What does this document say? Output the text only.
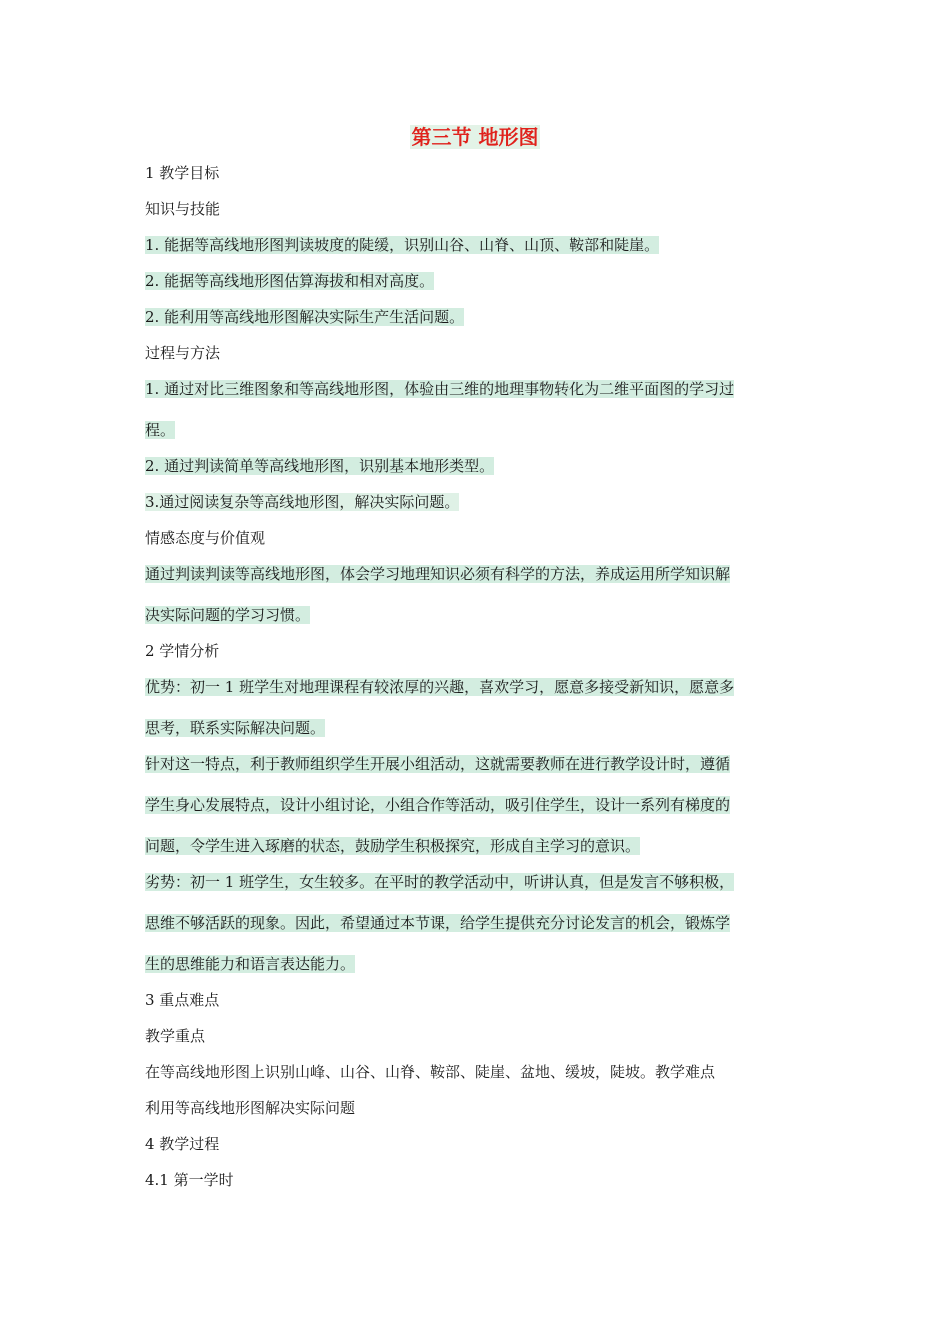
第三节 地形图
1 教学目标
知识与技能
1. 能据等高线地形图判读坡度的陡缓，识别山谷、山脊、山顶、鞍部和陡崖。
2. 能据等高线地形图估算海拔和相对高度。
2. 能利用等高线地形图解决实际生产生活问题。
过程与方法
1. 通过对比三维图象和等高线地形图，体验由三维的地理事物转化为二维平面图的学习过
程。
2. 通过判读简单等高线地形图，识别基本地形类型。
3.通过阅读复杂等高线地形图，解决实际问题。
情感态度与价值观
通过判读判读等高线地形图，体会学习地理知识必须有科学的方法，养成运用所学知识解
决实际问题的学习习惯。
2 学情分析
优势：初一 1 班学生对地理课程有较浓厚的兴趣，喜欢学习，愿意多接受新知识，愿意多
思考，联系实际解决问题。
针对这一特点，利于教师组织学生开展小组活动，这就需要教师在进行教学设计时，遵循
学生身心发展特点，设计小组讨论，小组合作等活动，吸引住学生，设计一系列有梯度的
问题，令学生进入琢磨的状态，鼓励学生积极探究，形成自主学习的意识。
劣势：初一 1 班学生，女生较多。在平时的教学活动中，听讲认真，但是发言不够积极，
思维不够活跃的现象。因此，希望通过本节课，给学生提供充分讨论发言的机会，锻炼学
生的思维能力和语言表达能力。
3 重点难点
教学重点
在等高线地形图上识别山峰、山谷、山脊、鞍部、陡崖、盆地、缓坡，陡坡。教学难点
利用等高线地形图解决实际问题
4 教学过程
4.1 第一学时
